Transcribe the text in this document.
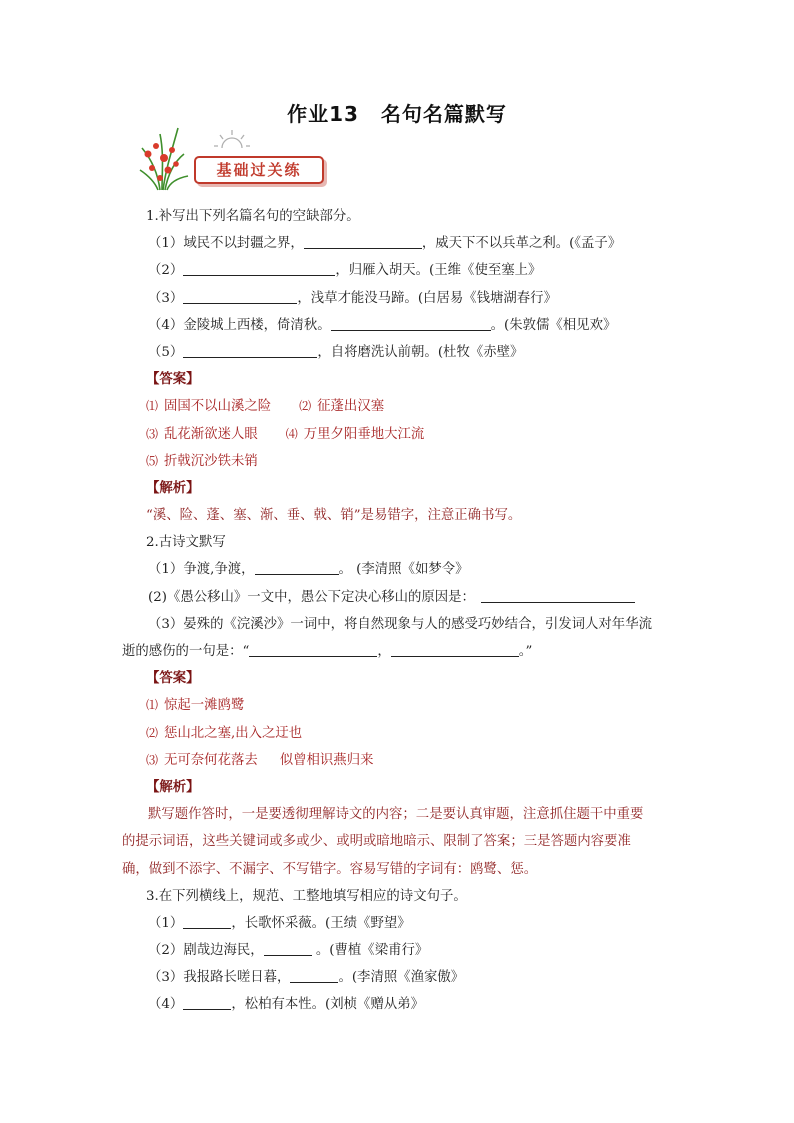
作业13 名句名篇默写
基础过关练
1.补写出下列名篇名句的空缺部分。
（1）域民不以封疆之界，	，威天下不以兵革之利。(《孟子》
（2）	，归雁入胡天。(王维《使至塞上》
（3）	，浅草才能没马蹄。(白居易《钱塘湖春行》
（4）金陵城上西楼，倚清秋。	。(朱敦儒《相见欢》
（5）	，自将磨洗认前朝。(杜牧《赤壁》
【答案】
⑴ 固国不以山溪之险 ⑵ 征蓬出汉塞
⑶ 乱花渐欲迷人眼 ⑷ 万里夕阳垂地大江流
⑸ 折戟沉沙铁未销
【解析】
“溪、险、蓬、塞、渐、垂、戟、销”是易错字，注意正确书写。
2.古诗文默写
（1）争渡,争渡，	。 (李清照《如梦令》
(2)《愚公移山》一文中，愚公下定决心移山的原因是：
（3）晏殊的《浣溪沙》一词中，将自然现象与人的感受巧妙结合，引发词人对年华流
逝的感伤的一句是：“	，	。”
【答案】
⑴ 惊起一滩鸥鹭
⑵ 惩山北之塞,出入之迂也
⑶ 无可奈何花落去 似曾相识燕归来
【解析】
默写题作答时，一是要透彻理解诗文的内容；二是要认真审题，注意抓住题干中重要的提示词语，这些关键词或多或少、或明或暗地暗示、限制了答案；三是答题内容要准确，做到不添字、不漏字、不写错字。容易写错的字词有：鸥鹭、惩。
3.在下列横线上，规范、工整地填写相应的诗文句子。
（1）	，长歌怀采薇。(王绩《野望》
（2）剧哉边海民，	。(曹植《梁甫行》
（3）我报路长嗟日暮，	。(李清照《渔家傲》
（4）	，松柏有本性。(刘桢《赠从弟》
